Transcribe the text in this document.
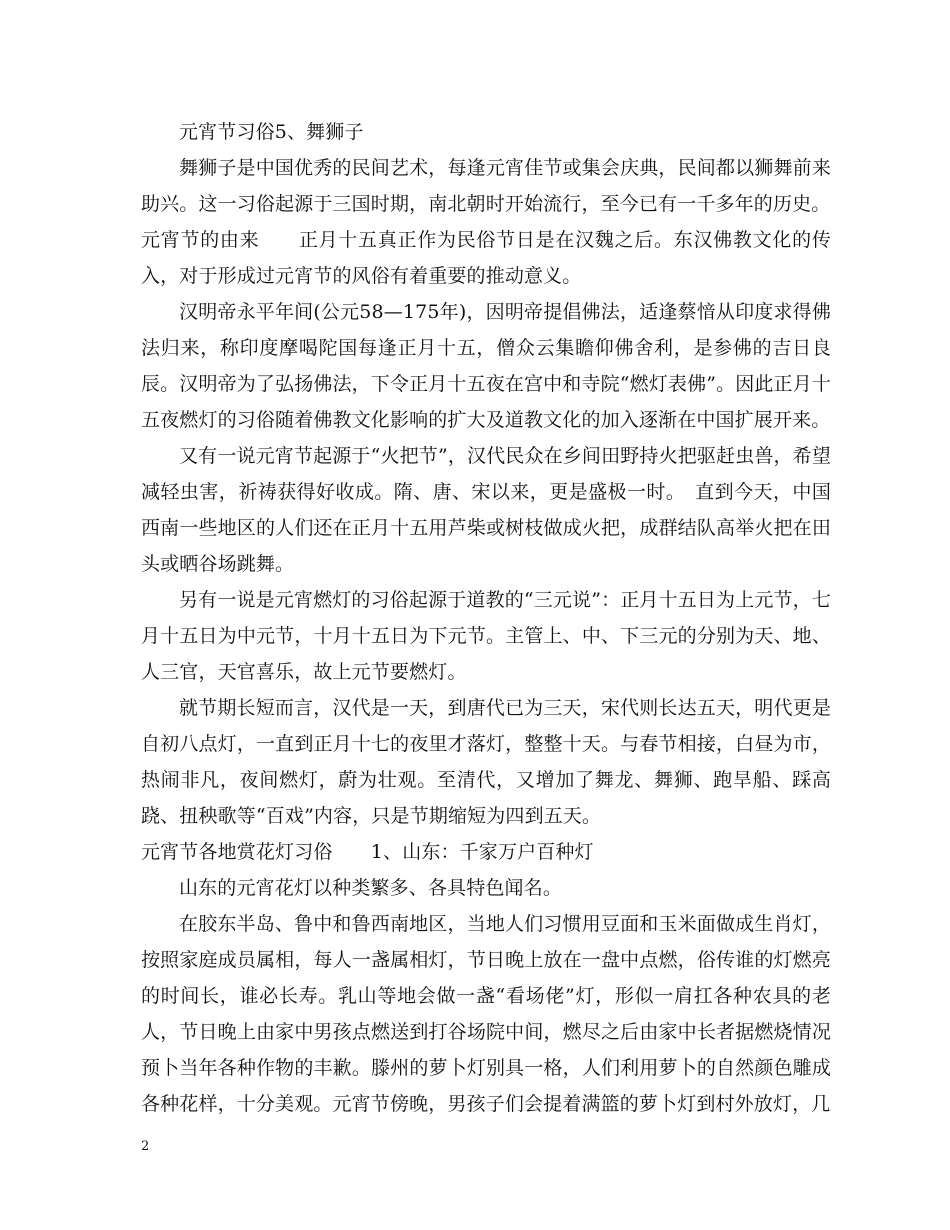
元宵节习俗5、舞狮子

舞狮子是中国优秀的民间艺术，每逢元宵佳节或集会庆典，民间都以狮舞前来助兴。这一习俗起源于三国时期，南北朝时开始流行，至今已有一千多年的历史。

元宵节的由来　　正月十五真正作为民俗节日是在汉魏之后。东汉佛教文化的传入，对于形成过元宵节的风俗有着重要的推动意义。

汉明帝永平年间(公元58—175年)，因明帝提倡佛法，适逢蔡愔从印度求得佛法归来，称印度摩喝陀国每逢正月十五，僧众云集瞻仰佛舍利，是参佛的吉日良辰。汉明帝为了弘扬佛法，下令正月十五夜在宫中和寺院“燃灯表佛”。因此正月十五夜燃灯的习俗随着佛教文化影响的扩大及道教文化的加入逐渐在中国扩展开来。

又有一说元宵节起源于“火把节”，汉代民众在乡间田野持火把驱赶虫兽，希望减轻虫害，祈祷获得好收成。隋、唐、宋以来，更是盛极一时。　直到今天，中国西南一些地区的人们还在正月十五用芦柴或树枝做成火把，成群结队高举火把在田头或晒谷场跳舞。

另有一说是元宵燃灯的习俗起源于道教的“三元说”：正月十五日为上元节，七月十五日为中元节，十月十五日为下元节。主管上、中、下三元的分别为天、地、人三官，天官喜乐，故上元节要燃灯。

就节期长短而言，汉代是一天，到唐代已为三天，宋代则长达五天，明代更是自初八点灯，一直到正月十七的夜里才落灯，整整十天。与春节相接，白昼为市，热闹非凡，夜间燃灯，蔚为壮观。至清代，又增加了舞龙、舞狮、跑旱船、踩高跷、扭秧歌等“百戏”内容，只是节期缩短为四到五天。

元宵节各地赏花灯习俗　　1、山东：千家万户百种灯

山东的元宵花灯以种类繁多、各具特色闻名。

在胶东半岛、鲁中和鲁西南地区，当地人们习惯用豆面和玉米面做成生肖灯，按照家庭成员属相，每人一盏属相灯，节日晚上放在一盘中点燃，俗传谁的灯燃亮的时间长，谁必长寿。乳山等地会做一盏“看场佬”灯，形似一肩扛各种农具的老人，节日晚上由家中男孩点燃送到打谷场院中间，燃尽之后由家中长者据燃烧情况预卜当年各种作物的丰歉。滕州的萝卜灯别具一格，人们利用萝卜的自然颜色雕成各种花样，十分美观。元宵节傍晚，男孩子们会提着满篮的萝卜灯到村外放灯，几

2
